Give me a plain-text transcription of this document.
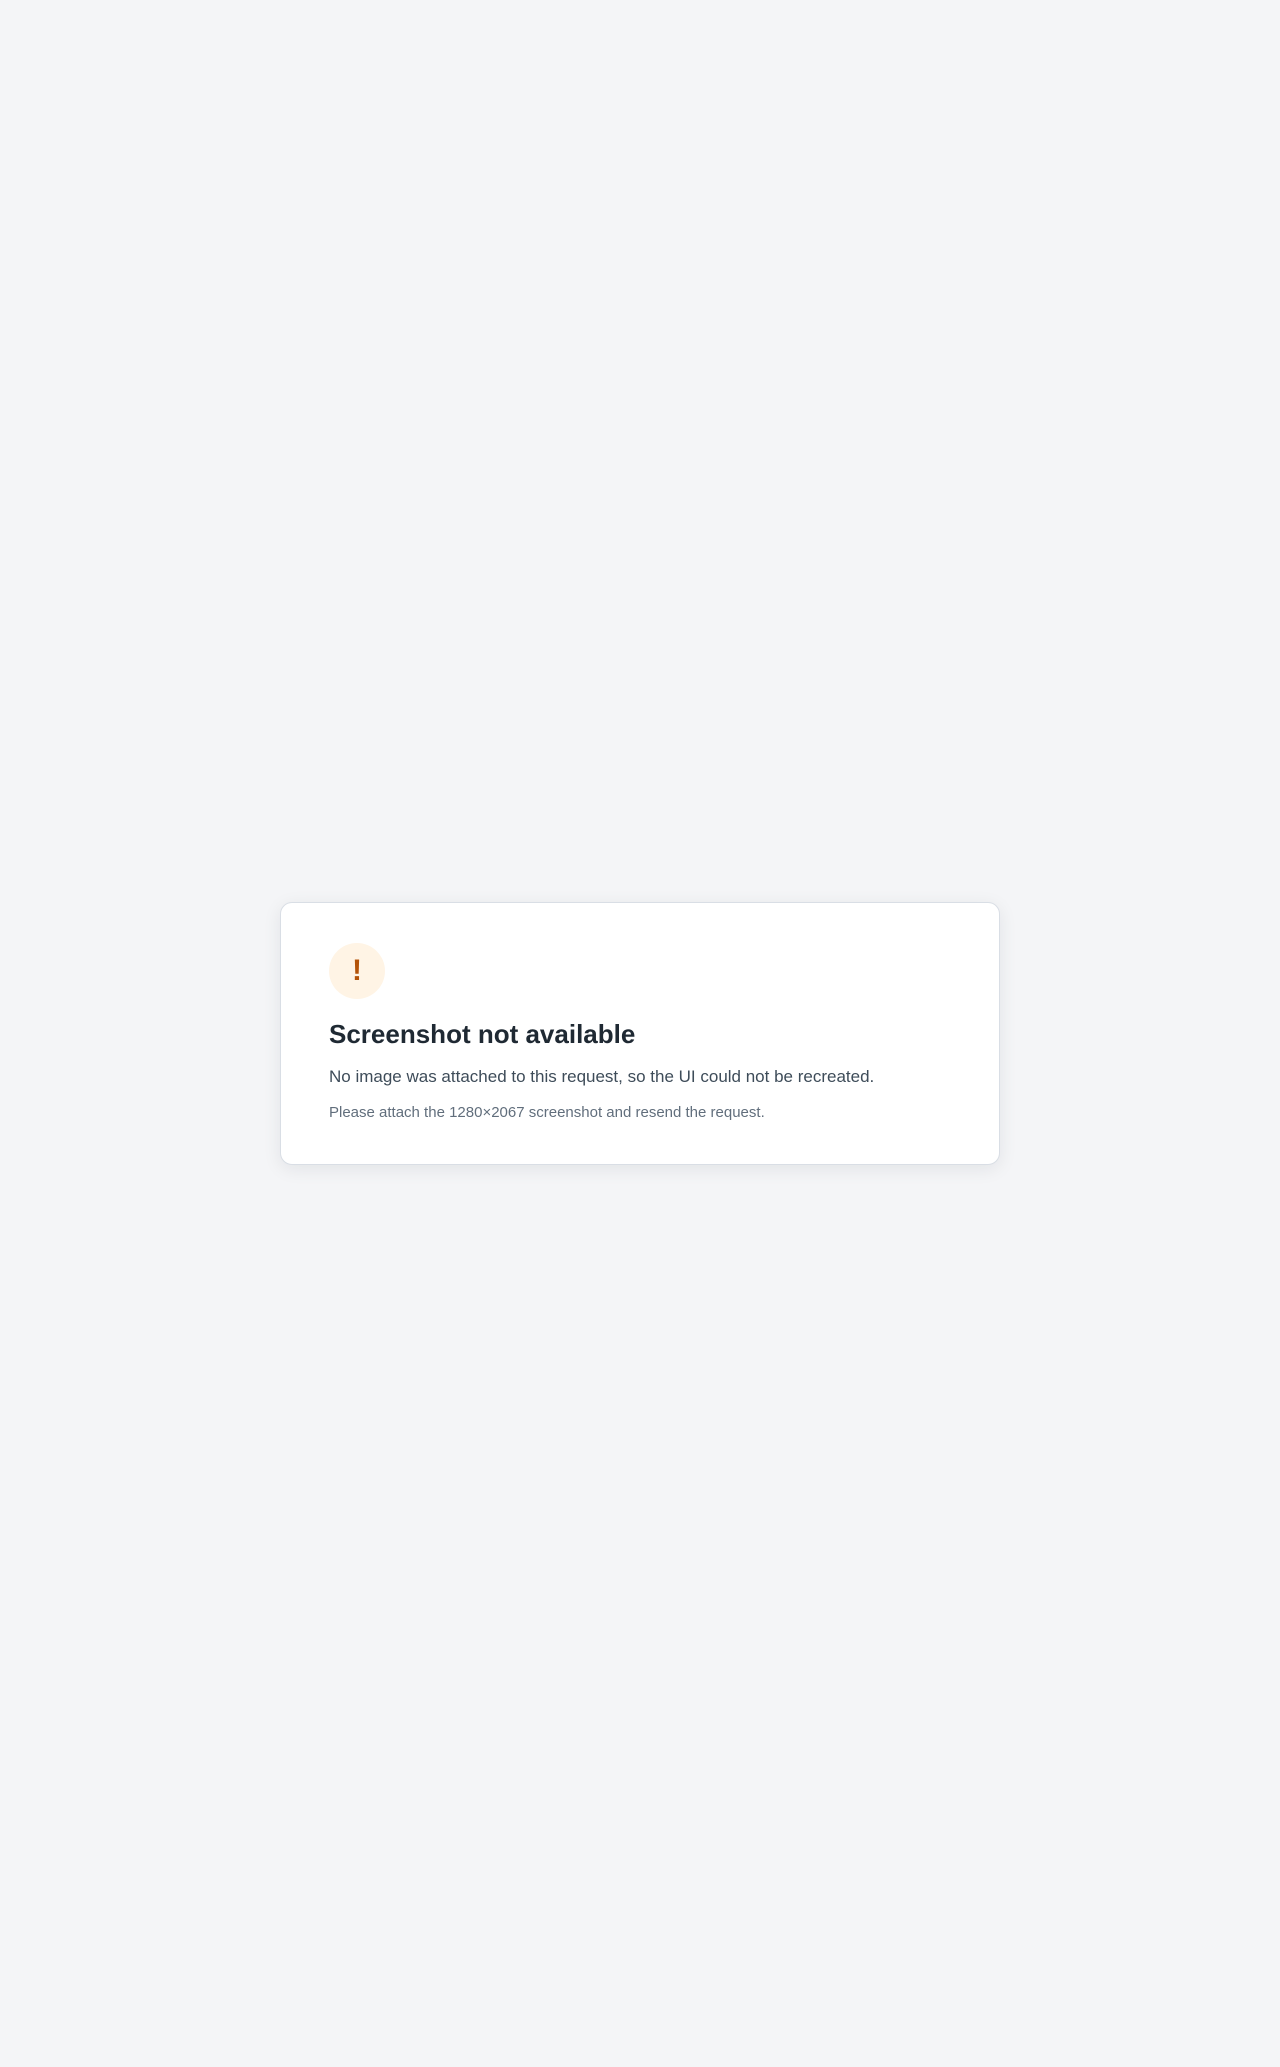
!
Screenshot not available

No image was attached to this request, so the UI could not be recreated.

Please attach the 1280×2067 screenshot and resend the request.
